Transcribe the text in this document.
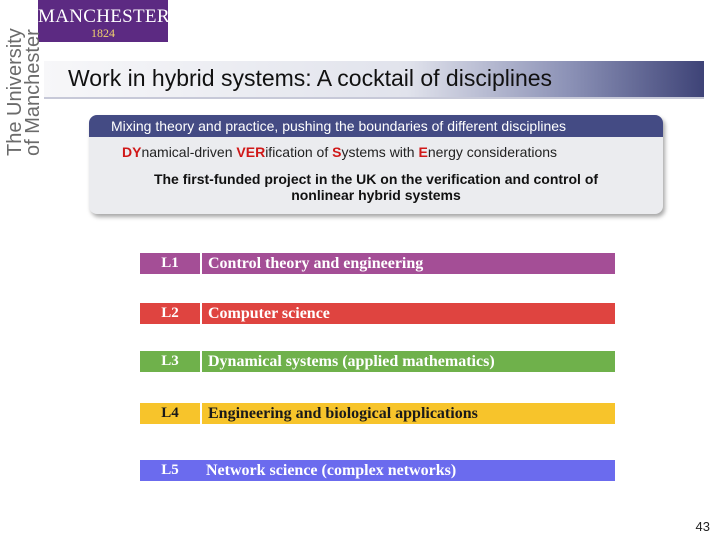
MANCHESTER
1824
The University
of Manchester Work in hybrid systems: A cocktail of disciplines
Mixing theory and practice, pushing the boundaries of different disciplines
DYnamical-driven VERification of Systems with Energy considerations
The first-funded project in the UK on the verification and control of
nonlinear hybrid systems
L1	Control theory and engineering
L2	Computer science
L3	Dynamical systems (applied mathematics)
L4	Engineering and biological applications
L5	Network science (complex networks)
43
